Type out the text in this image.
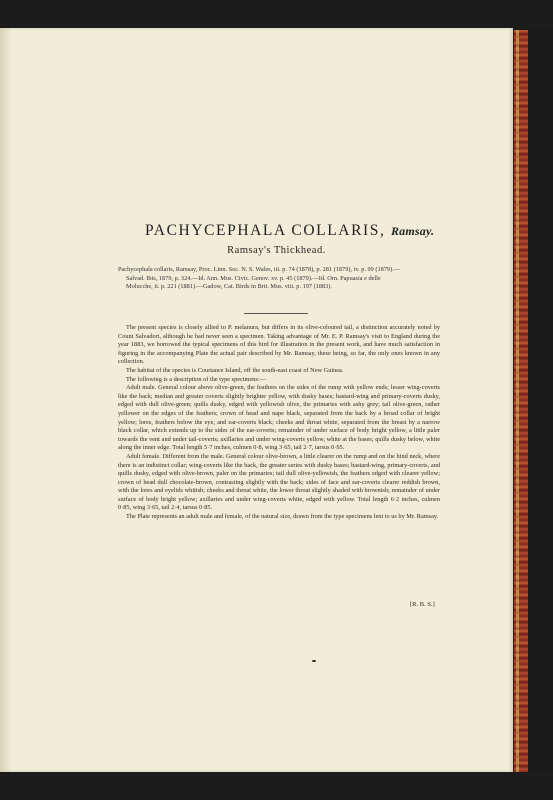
PACHYCEPHALA COLLARIS, Ramsay.
Ramsay's Thickhead.

Pachycephala collaris, Ramsay, Proc. Linn. Soc. N. S. Wales, iii. p. 74 (1878), p. 281 (1879), iv. p. 99 (1879).—

Salvad. Ibis, 1879, p. 324.—Id. Ann. Mus. Civic. Genov. xv. p. 45 (1879).—Id. Orn. Papuasia e delle

Molucche, ii. p. 221 (1881).—Gadow, Cat. Birds in Brit. Mus. viii. p. 197 (1883).

The present species is closely allied to P. melanura, but differs in its olive-coloured tail, a distinction accurately noted by Count Salvadori, although he had never seen a specimen. Taking advantage of Mr. E. P. Ramsay's visit to England during the year 1883, we borrowed the typical specimens of this bird for illustration in the present work, and have much satisfaction in figuring in the accompanying Plate the actual pair described by Mr. Ramsay, these being, so far, the only ones known in any collection.

The habitat of the species is Courtance Island, off the south-east coast of New Guinea.

The following is a description of the type specimens:—

Adult male. General colour above olive-green, the feathers on the sides of the rump with yellow ends; lesser wing-coverts like the back; median and greater coverts slightly brighter yellow, with dusky bases; bastard-wing and primary-coverts dusky, edged with dull olive-green; quills dusky, edged with yellowish olive, the primaries with ashy grey; tail olive-green, rather yellower on the edges of the feathers; crown of head and nape black, separated from the back by a broad collar of bright yellow; lores, feathers below the eye, and ear-coverts black; cheeks and throat white, separated from the breast by a narrow black collar, which extends up to the sides of the ear-coverts; remainder of under surface of body bright yellow, a little paler towards the vent and under tail-coverts; axillaries and under wing-coverts yellow, white at the bases; quills dusky below, white along the inner edge. Total length 5·7 inches, culmen 0·8, wing 3·65, tail 2·7, tarsus 0·95.

Adult female. Different from the male. General colour olive-brown, a little clearer on the rump and on the hind neck, where there is an indistinct collar; wing-coverts like the back, the greater series with dusky bases; bastard-wing, primary-coverts, and quills dusky, edged with olive-brown, paler on the primaries; tail dull olive-yellowish, the feathers edged with clearer yellow; crown of head dull chocolate-brown, contrasting slightly with the back; sides of face and ear-coverts clearer reddish brown, with the lores and eyelids whitish; cheeks and throat white, the lower throat slightly shaded with brownish; remainder of under surface of body bright yellow; axillaries and under wing-coverts white, edged with yellow. Total length 6·2 inches, culmen 0·85, wing 3·65, tail 2·4, tarsus 0·85.

The Plate represents an adult male and female, of the natural size, drawn from the type specimens lent to us by Mr. Ramsay.

[R. B. S.]
